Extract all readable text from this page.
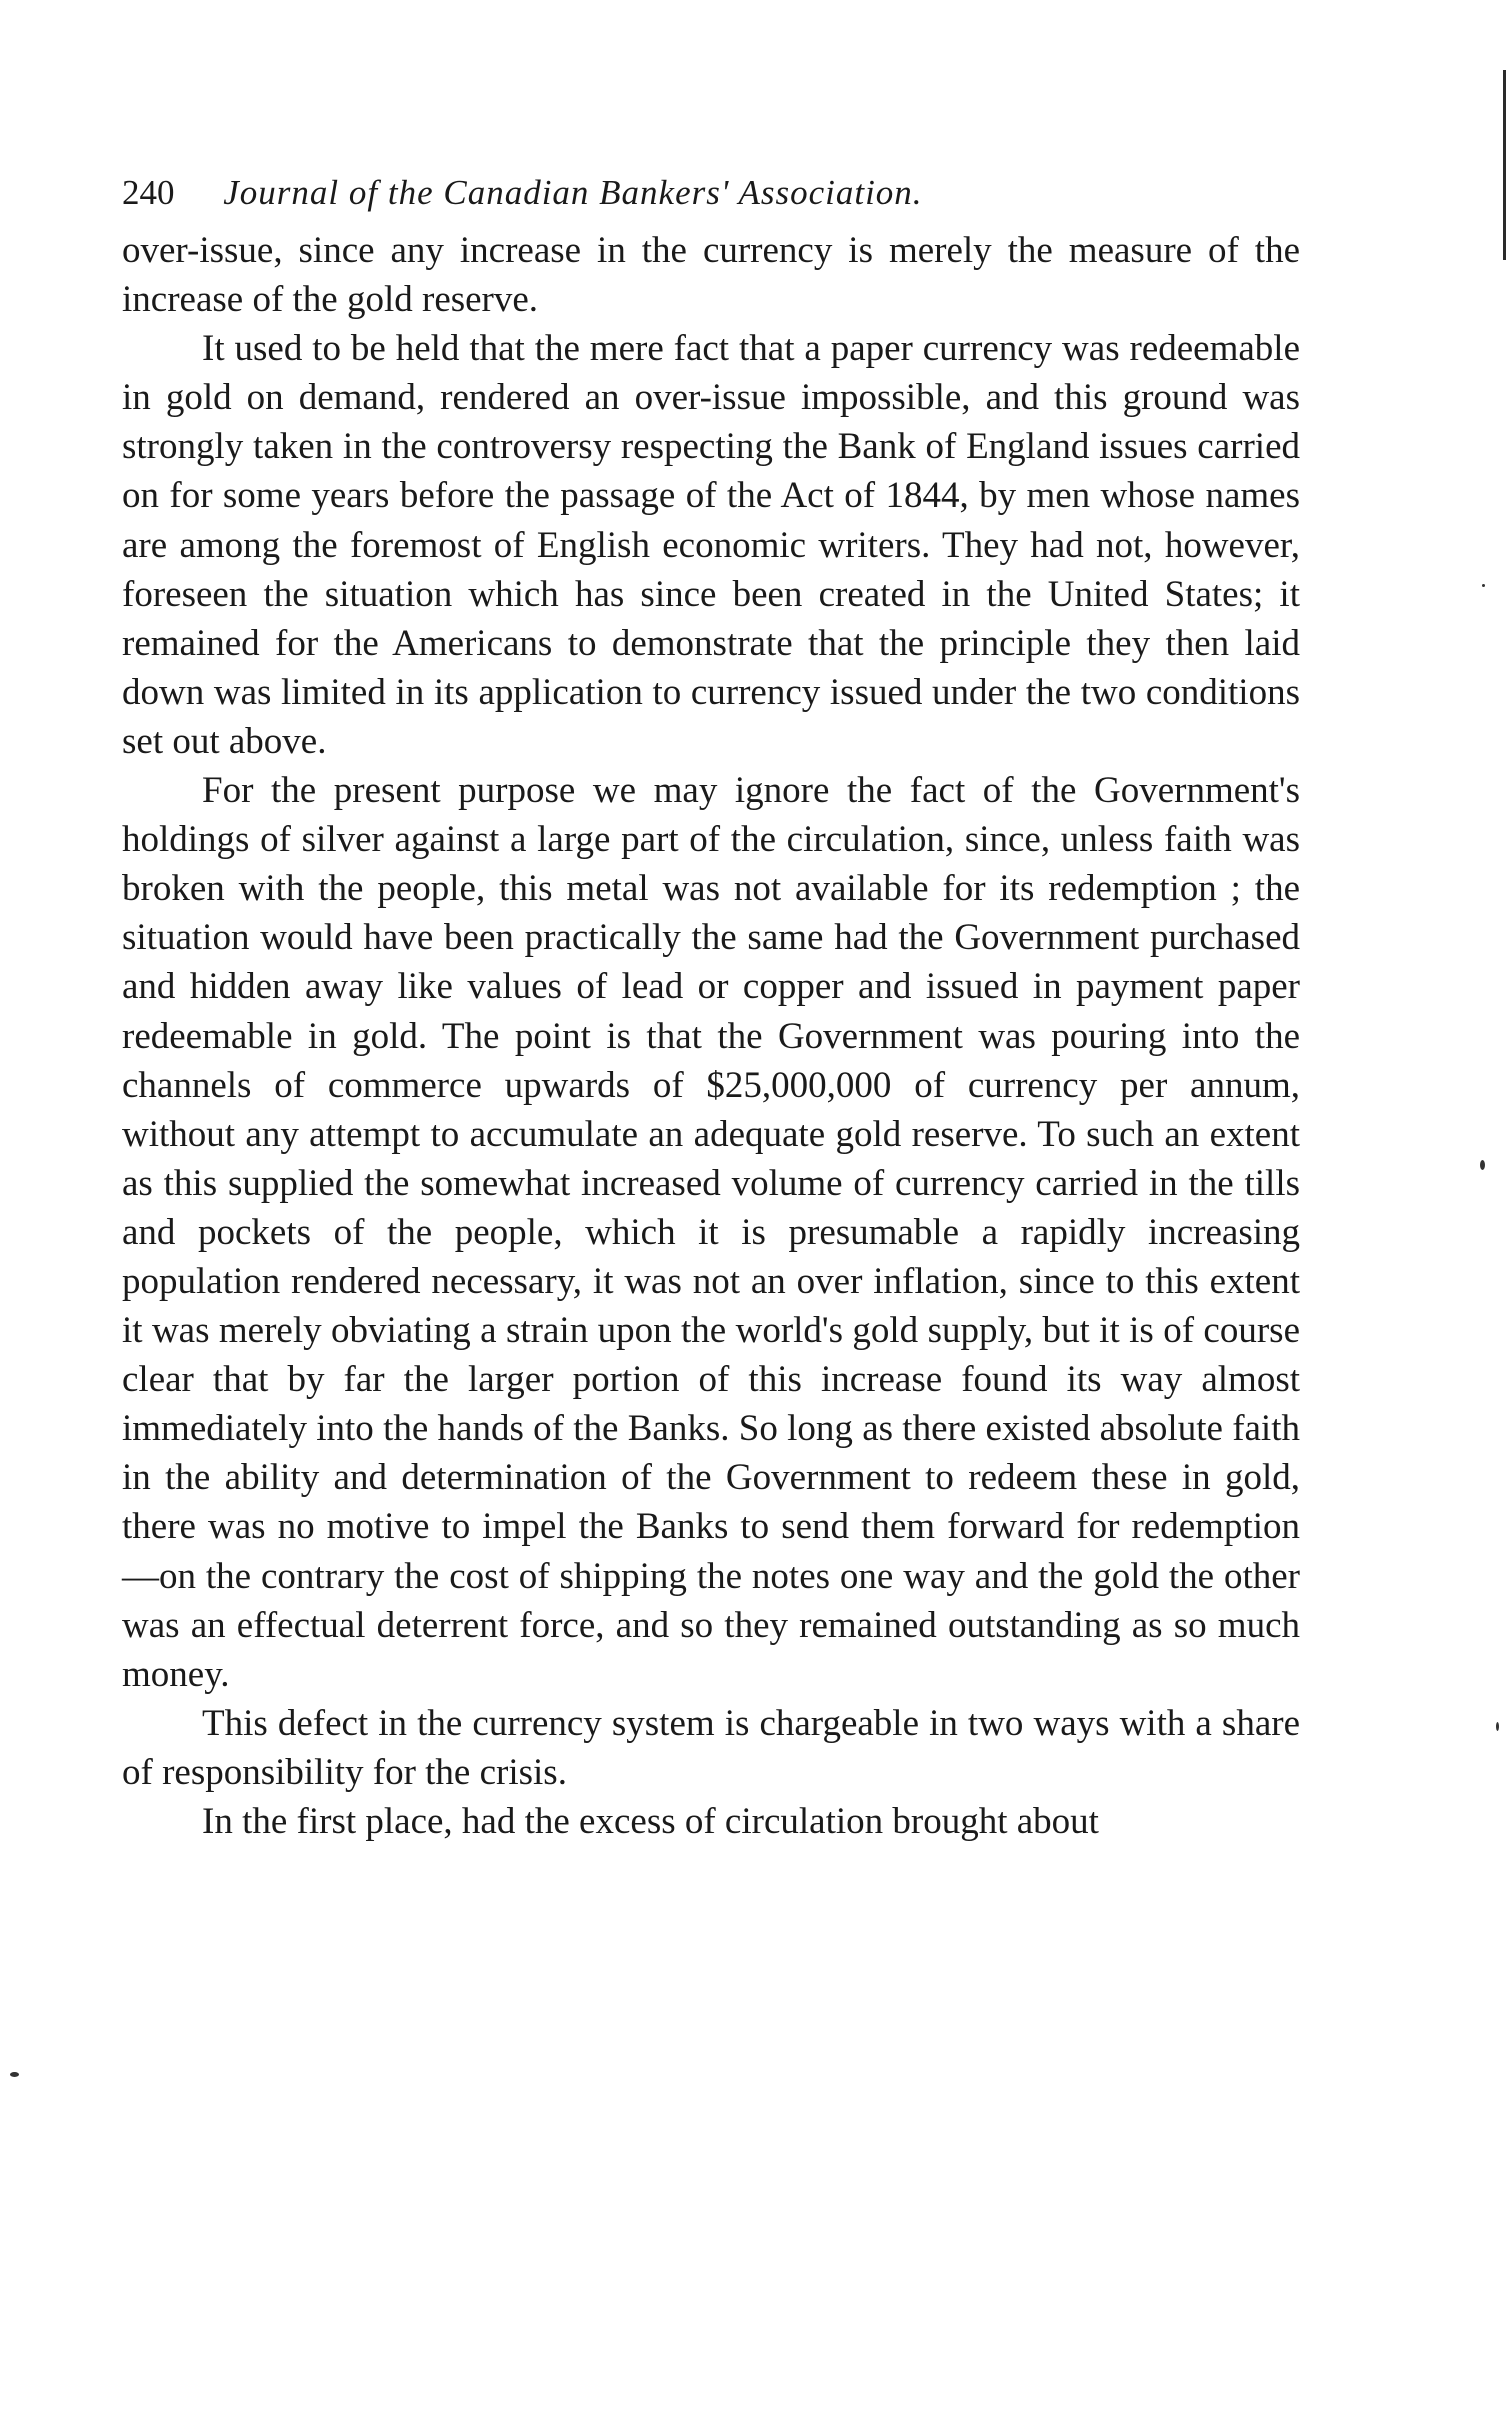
240 Journal of the Canadian Bankers' Association.

over-issue, since any increase in the currency is merely the measure of the increase of the gold reserve.

It used to be held that the mere fact that a paper currency was redeemable in gold on demand, rendered an over-issue impossible, and this ground was strongly taken in the controversy respecting the Bank of England issues carried on for some years before the passage of the Act of 1844, by men whose names are among the foremost of English economic writers. They had not, however, foreseen the situation which has since been created in the United States; it remained for the Americans to demonstrate that the principle they then laid down was limited in its application to currency issued under the two conditions set out above.

For the present purpose we may ignore the fact of the Government's holdings of silver against a large part of the circulation, since, unless faith was broken with the people, this metal was not available for its redemption ; the situation would have been practically the same had the Government purchased and hidden away like values of lead or copper and issued in payment paper redeemable in gold. The point is that the Government was pouring into the channels of commerce upwards of $25,000,000 of currency per annum, without any attempt to accumulate an adequate gold reserve. To such an extent as this supplied the somewhat increased volume of currency carried in the tills and pockets of the people, which it is presumable a rapidly increasing population rendered necessary, it was not an over inflation, since to this extent it was merely obviating a strain upon the world's gold supply, but it is of course clear that by far the larger portion of this increase found its way almost immediately into the hands of the Banks. So long as there existed absolute faith in the ability and determination of the Government to redeem these in gold, there was no motive to impel the Banks to send them forward for redemption—on the contrary the cost of shipping the notes one way and the gold the other was an effectual deterrent force, and so they remained outstanding as so much money.

This defect in the currency system is chargeable in two ways with a share of responsibility for the crisis.

In the first place, had the excess of circulation brought about
